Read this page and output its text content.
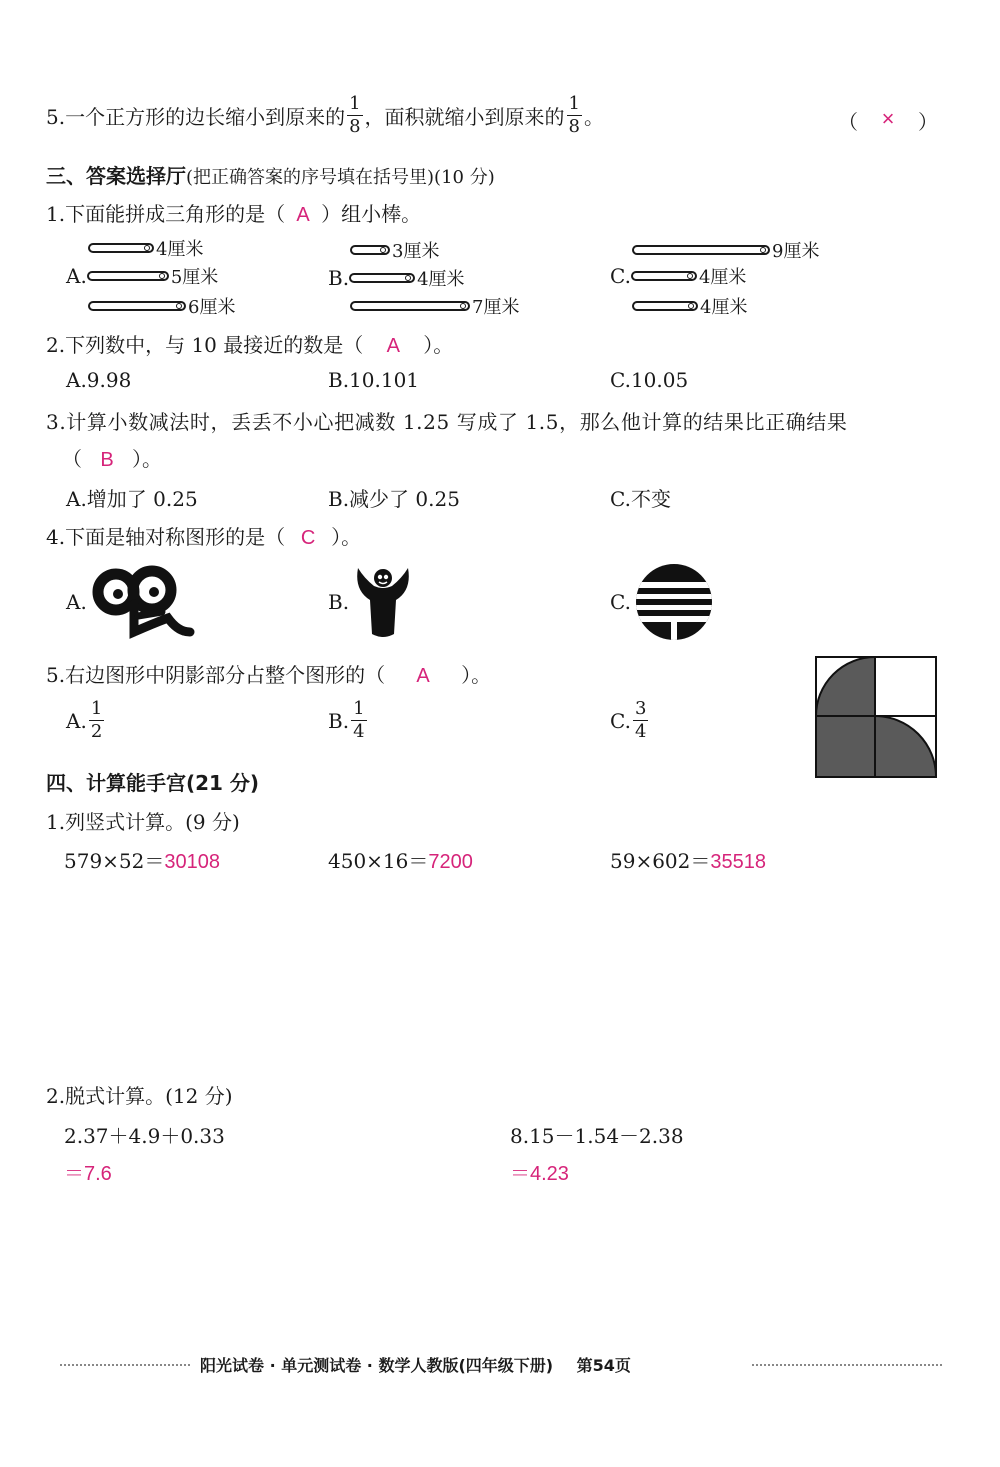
5.一个正方形的边长缩小到原来的 $\frac{1}{8}$ ，面积就缩小到原来的 $\frac{1}{8}$ 。	（ × ）
三、答案选择厅(把正确答案的序号填在括号里)(10 分)
1.下面能拼成三角形的是（ A ）组小棒。
4厘米
A.	5厘米
6厘米
3厘米
B.	4厘米
7厘米
9厘米
C.	4厘米
4厘米
2.下列数中，与 10 最接近的数是（ A ）。
A.9.98	B.10.101	C.10.05
3.计算小数减法时，丢丢不小心把减数 1.25 写成了 1.5，那么他计算的结果比正确结果
（ B ）。
A.增加了 0.25	B.减少了 0.25	C.不变
4.下面是轴对称图形的是（ C ）。
A.	B.	C.
5.右边图形中阴影部分占整个图形的（ A ）。
A. $\frac{1}{2}$	B. $\frac{1}{4}$	C. $\frac{3}{4}$
四、计算能手宫(21 分)
1.列竖式计算。(9 分)
579×52＝30108	450×16＝7200	59×602＝35518
2.脱式计算。(12 分)
2.37＋4.9＋0.33
＝7.6
8.15－1.54－2.38
＝4.23
阳光试卷 · 单元测试卷 · 数学人教版(四年级下册) 第54页
